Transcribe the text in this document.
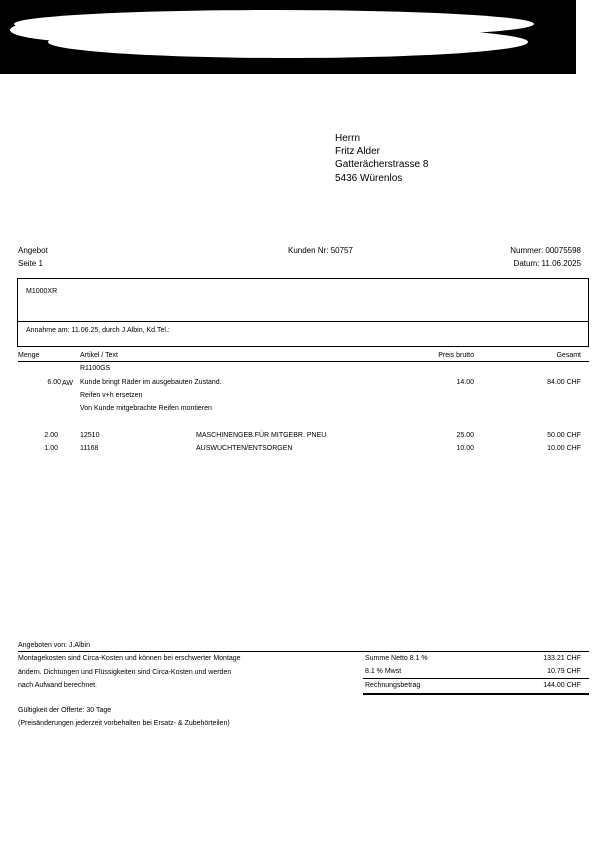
Herrn
Fritz Alder
Gatterächerstrasse 8
5436 Würenlos
Angebot
Seite 1
Kunden Nr: 50757	Nummer: 00075598
Datum: 11.06.2025
M1000XR
Annahme am: 11.06.25, durch J.Albin, Kd.Tel.:
Menge	Artikel / Text	Preis brutto	Gesamt
R1100GS
6.00 AW Kunde bringt Räder im ausgebauten Zustand.	14.00	84.00 CHF
Reifen v+h ersetzen
Von Kunde mitgebrachte Reifen montieren
2.00	12510	MASCHINENGEB.FÜR MITGEBR. PNEU	25.00	50.00 CHF
1.00	11168	AUSWUCHTEN/ENTSORGEN	10.00	10.00 CHF
Angeboten von: J.Albin
Montagekosten sind Circa-Kosten und können bei erschwerter Montage
ändern. Dichtungen und Flüssigkeiten sind Circa-Kosten und werden
nach Aufwand berechnet.
Summe Netto 8.1 %	133.21 CHF
8.1 % Mwst	10.79 CHF
Rechnungsbetrag	144.00 CHF
Gültigkeit der Offerte: 30 Tage
(Preisänderungen jederzeit vorbehalten bei Ersatz- & Zubehörteilen)
